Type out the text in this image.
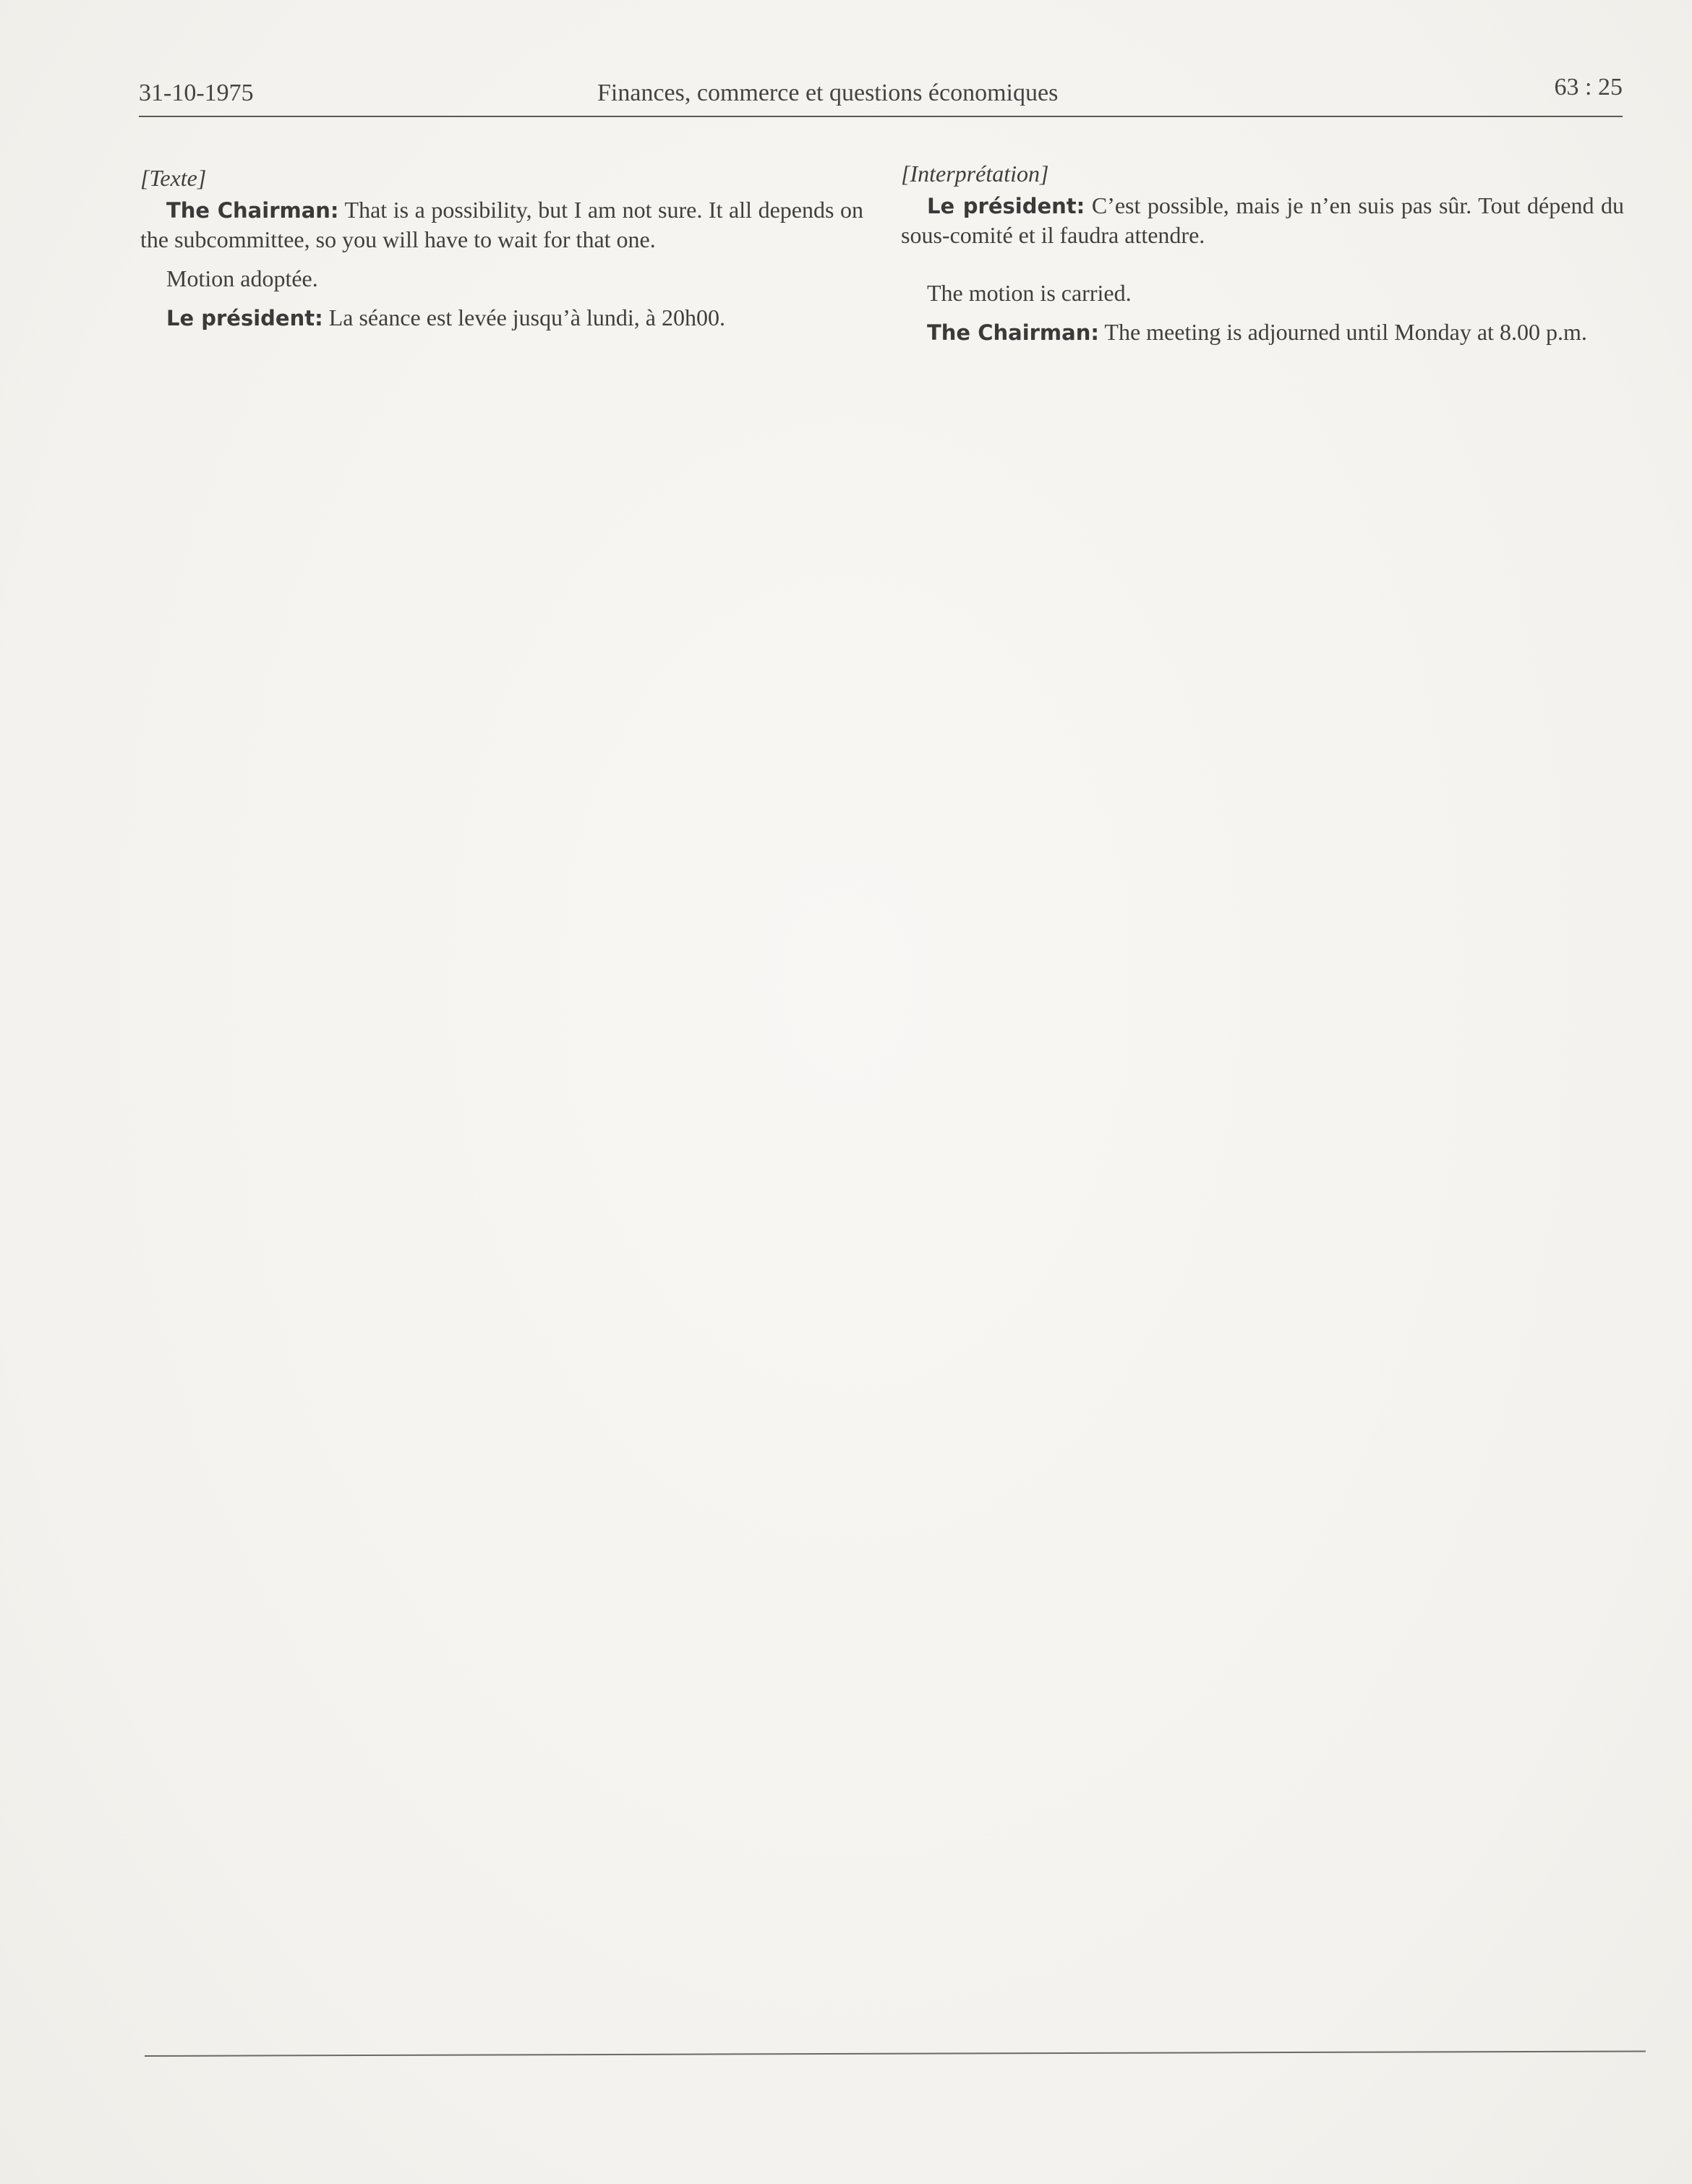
31-10-1975	Finances, commerce et questions économiques	63 : 25

[Texte]

The Chairman: That is a possibility, but I am not sure. It all depends on the subcommittee, so you will have to wait for that one.

Motion adoptée.

Le président: La séance est levée jusqu’à lundi, à 20h00.

[Interprétation]

Le président: C’est possible, mais je n’en suis pas sûr. Tout dépend du sous-comité et il faudra attendre.

The motion is carried.

The Chairman: The meeting is adjourned until Monday at 8.00 p.m.
